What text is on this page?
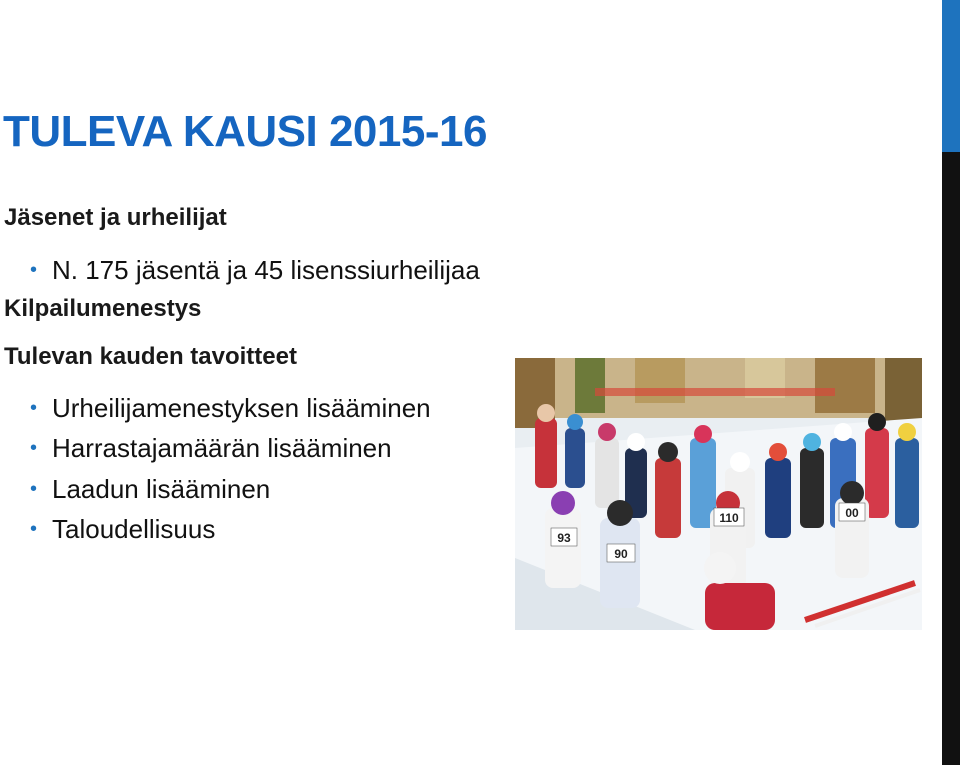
TULEVA KAUSI 2015-16
Jäsenet ja urheilijat
• N. 175 jäsentä ja 45 lisenssiurheilijaa
Kilpailumenestys
Tulevan kauden tavoitteet
• Urheilijamenestyksen lisääminen
• Harrastajamäärän lisääminen
• Laadun lisääminen
• Taloudellisuus	93
90
110	00
